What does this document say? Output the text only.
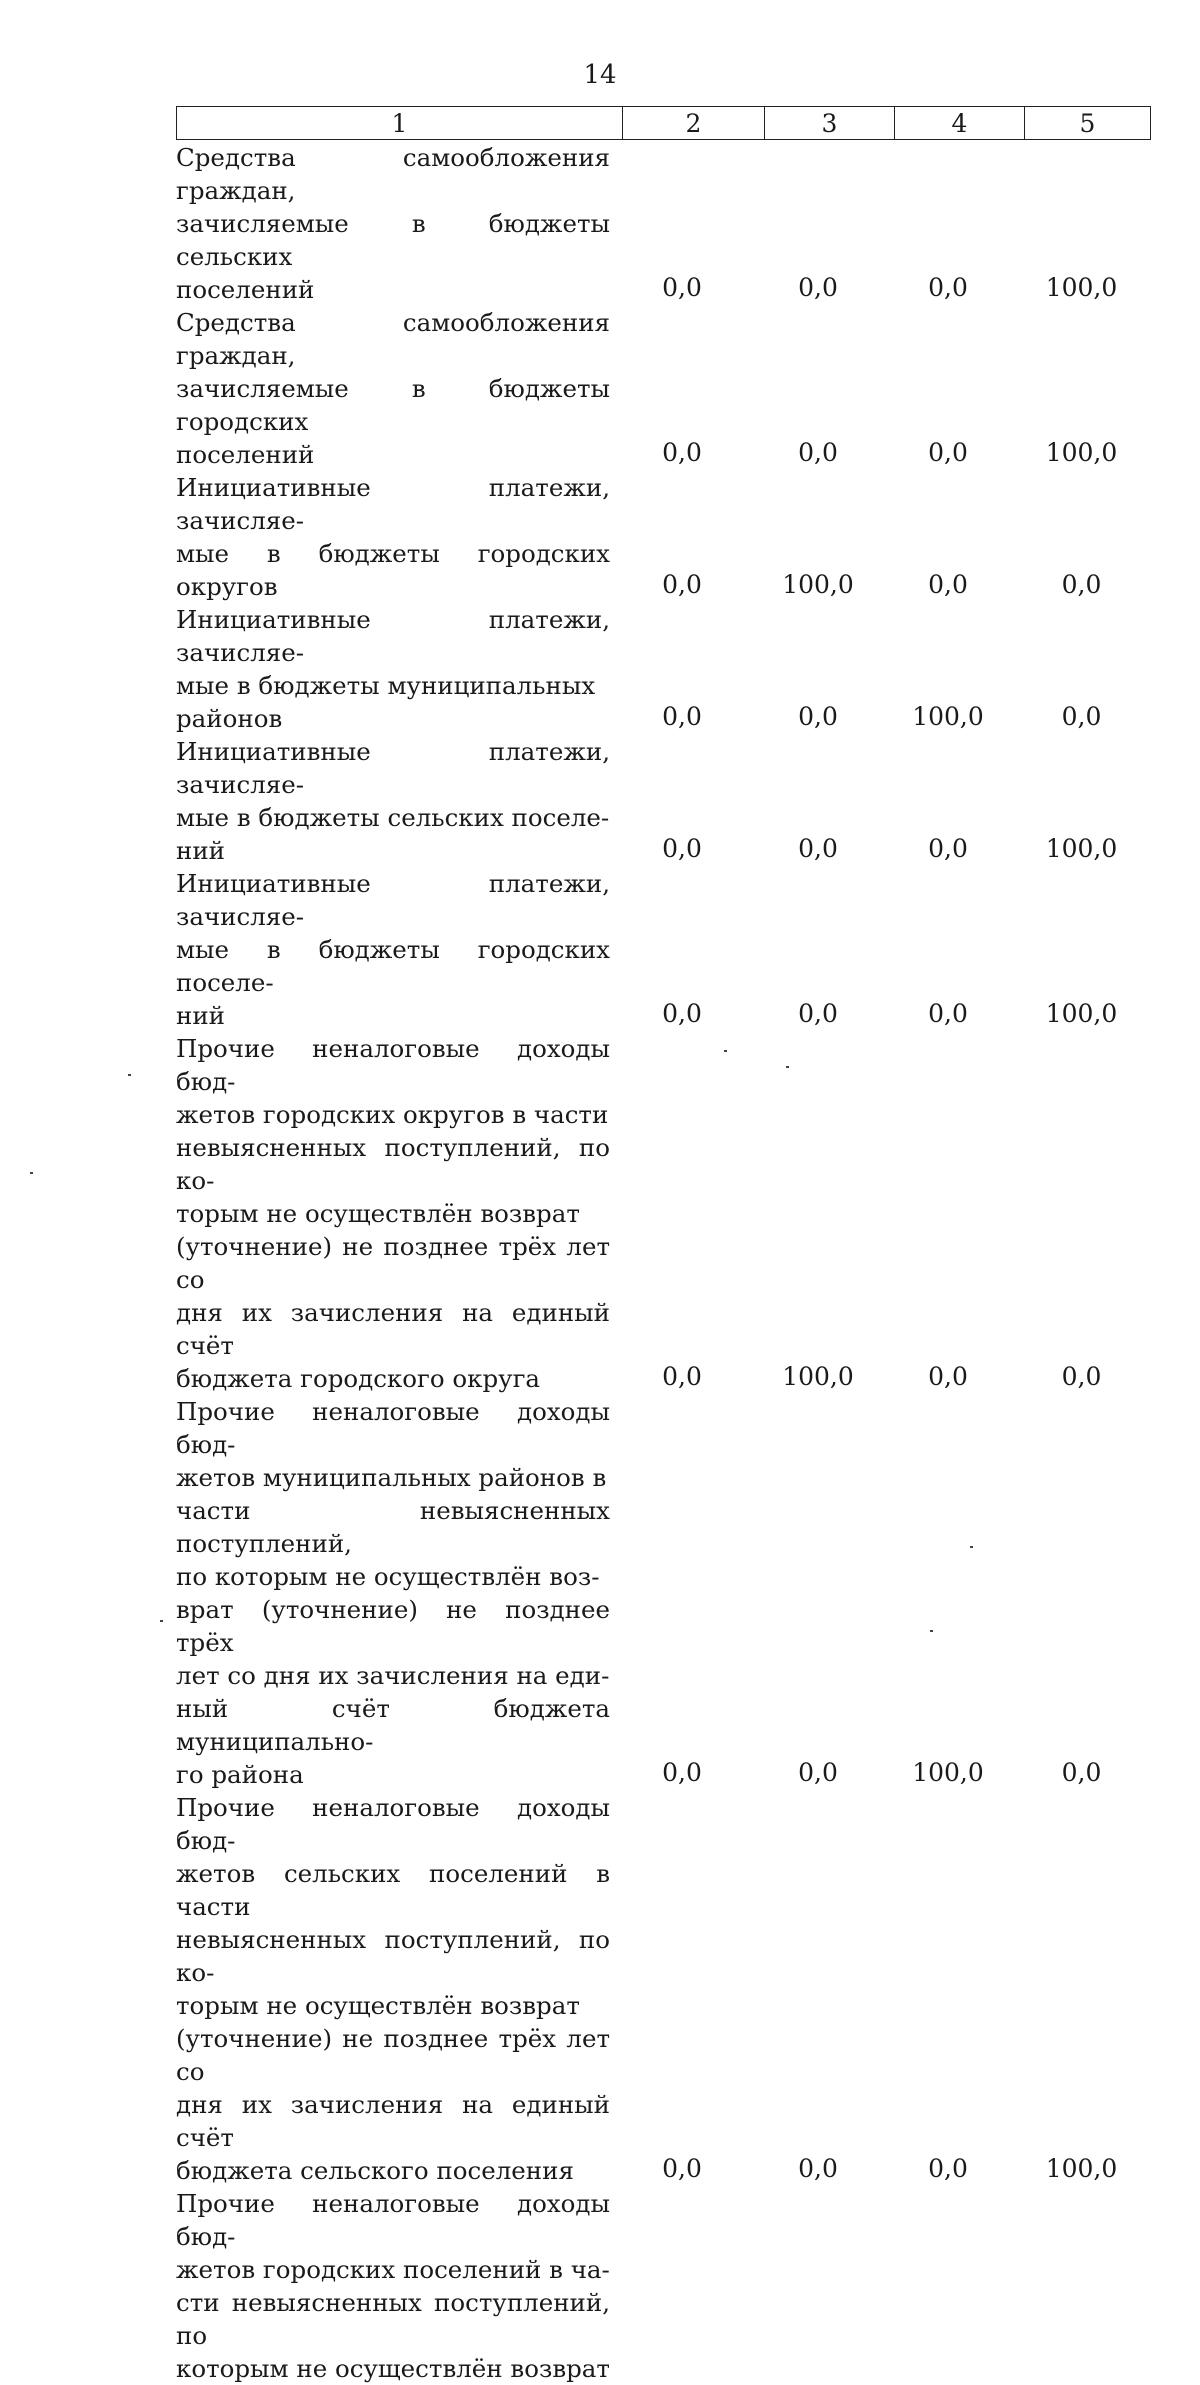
14
1	2	3	4	5
Средства самообложения граждан,
зачисляемые в бюджеты сельских
поселений	0,0	0,0	0,0	100,0
Средства самообложения граждан,
зачисляемые в бюджеты городских
поселений	0,0	0,0	0,0	100,0
Инициативные платежи, зачисляе-
мые в бюджеты городских округов	0,0	100,0	0,0	0,0
Инициативные платежи, зачисляе-
мые в бюджеты муниципальных
районов	0,0	0,0	100,0	0,0
Инициативные платежи, зачисляе-
мые в бюджеты сельских поселе-
ний	0,0	0,0	0,0	100,0
Инициативные платежи, зачисляе-
мые в бюджеты городских поселе-
ний	0,0	0,0	0,0	100,0
Прочие неналоговые доходы бюд-
жетов городских округов в части
невыясненных поступлений, по ко-
торым не осуществлён возврат
(уточнение) не позднее трёх лет со
дня их зачисления на единый счёт
бюджета городского округа	0,0	100,0	0,0	0,0
Прочие неналоговые доходы бюд-
жетов муниципальных районов в
части невыясненных поступлений,
по которым не осуществлён воз-
врат (уточнение) не позднее трёх
лет со дня их зачисления на еди-
ный счёт бюджета муниципально-
го района	0,0	0,0	100,0	0,0
Прочие неналоговые доходы бюд-
жетов сельских поселений в части
невыясненных поступлений, по ко-
торым не осуществлён возврат
(уточнение) не позднее трёх лет со
дня их зачисления на единый счёт
бюджета сельского поселения	0,0	0,0	0,0	100,0
Прочие неналоговые доходы бюд-
жетов городских поселений в ча-
сти невыясненных поступлений, по
которым не осуществлён возврат
